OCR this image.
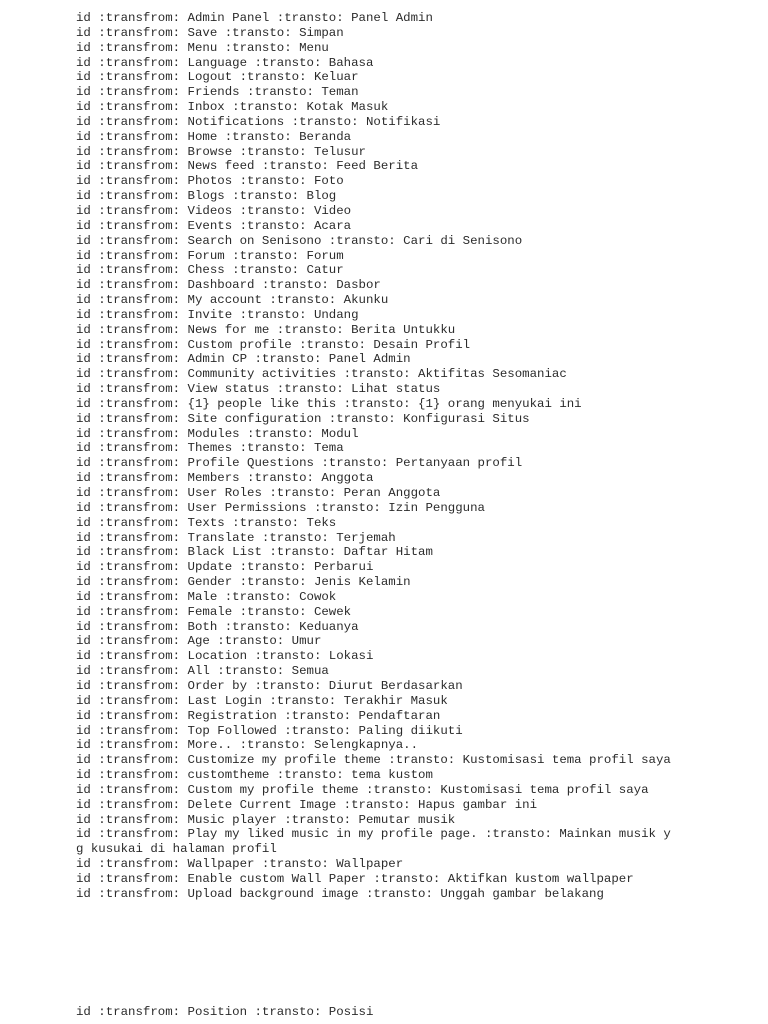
id :transfrom: Admin Panel :transto: Panel Admin
id :transfrom: Save :transto: Simpan
id :transfrom: Menu :transto: Menu
id :transfrom: Language :transto: Bahasa
id :transfrom: Logout :transto: Keluar
id :transfrom: Friends :transto: Teman
id :transfrom: Inbox :transto: Kotak Masuk
id :transfrom: Notifications :transto: Notifikasi
id :transfrom: Home :transto: Beranda
id :transfrom: Browse :transto: Telusur
id :transfrom: News feed :transto: Feed Berita
id :transfrom: Photos :transto: Foto
id :transfrom: Blogs :transto: Blog
id :transfrom: Videos :transto: Video
id :transfrom: Events :transto: Acara
id :transfrom: Search on Senisono :transto: Cari di Senisono
id :transfrom: Forum :transto: Forum
id :transfrom: Chess :transto: Catur
id :transfrom: Dashboard :transto: Dasbor
id :transfrom: My account :transto: Akunku
id :transfrom: Invite :transto: Undang
id :transfrom: News for me :transto: Berita Untukku
id :transfrom: Custom profile :transto: Desain Profil
id :transfrom: Admin CP :transto: Panel Admin
id :transfrom: Community activities :transto: Aktifitas Sesomaniac
id :transfrom: View status :transto: Lihat status
id :transfrom: {1} people like this :transto: {1} orang menyukai ini
id :transfrom: Site configuration :transto: Konfigurasi Situs
id :transfrom: Modules :transto: Modul
id :transfrom: Themes :transto: Tema
id :transfrom: Profile Questions :transto: Pertanyaan profil
id :transfrom: Members :transto: Anggota
id :transfrom: User Roles :transto: Peran Anggota
id :transfrom: User Permissions :transto: Izin Pengguna
id :transfrom: Texts :transto: Teks
id :transfrom: Translate :transto: Terjemah
id :transfrom: Black List :transto: Daftar Hitam
id :transfrom: Update :transto: Perbarui
id :transfrom: Gender :transto: Jenis Kelamin
id :transfrom: Male :transto: Cowok
id :transfrom: Female :transto: Cewek
id :transfrom: Both :transto: Keduanya
id :transfrom: Age :transto: Umur
id :transfrom: Location :transto: Lokasi
id :transfrom: All :transto: Semua
id :transfrom: Order by :transto: Diurut Berdasarkan
id :transfrom: Last Login :transto: Terakhir Masuk
id :transfrom: Registration :transto: Pendaftaran
id :transfrom: Top Followed :transto: Paling diikuti
id :transfrom: More.. :transto: Selengkapnya..
id :transfrom: Customize my profile theme :transto: Kustomisasi tema profil saya
id :transfrom: customtheme :transto: tema kustom
id :transfrom: Custom my profile theme :transto: Kustomisasi tema profil saya
id :transfrom: Delete Current Image :transto: Hapus gambar ini
id :transfrom: Music player :transto: Pemutar musik
id :transfrom: Play my liked music in my profile page. :transto: Mainkan musik y
g kusukai di halaman profil
id :transfrom: Wallpaper :transto: Wallpaper
id :transfrom: Enable custom Wall Paper :transto: Aktifkan kustom wallpaper
id :transfrom: Upload background image :transto: Unggah gambar belakang
id :transfrom: Position :transto: Posisi
